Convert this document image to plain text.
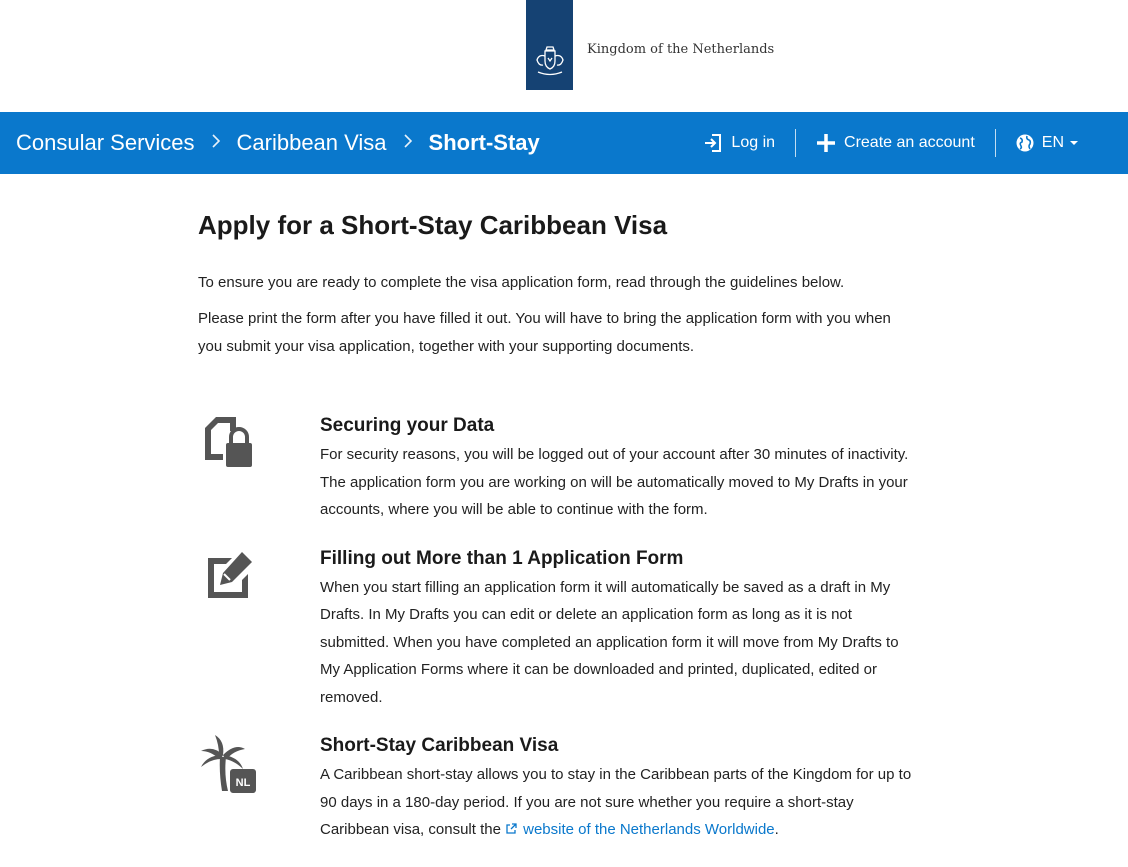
Kingdom of the Netherlands
Consular Services Caribbean Visa Short-Stay	Log in	Create an account	EN
Apply for a Short-Stay Caribbean Visa

To ensure you are ready to complete the visa application form, read through the guidelines below.

Please print the form after you have filled it out. You will have to bring the application form with you when you submit your visa application, together with your supporting documents.

Securing your Data

For security reasons, you will be logged out of your account after 30 minutes of inactivity. The application form you are working on will be automatically moved to My Drafts in your accounts, where you will be able to continue with the form.

Filling out More than 1 Application Form

When you start filling an application form it will automatically be saved as a draft in My Drafts. In My Drafts you can edit or delete an application form as long as it is not submitted. When you have completed an application form it will move from My Drafts to My Application Forms where it can be downloaded and printed, duplicated, edited or removed.

NL
Short-Stay Caribbean Visa

A Caribbean short-stay allows you to stay in the Caribbean parts of the Kingdom for up to 90 days in a 180-day period. If you are not sure whether you require a short-stay Caribbean visa, consult the website of the Netherlands Worldwide.
